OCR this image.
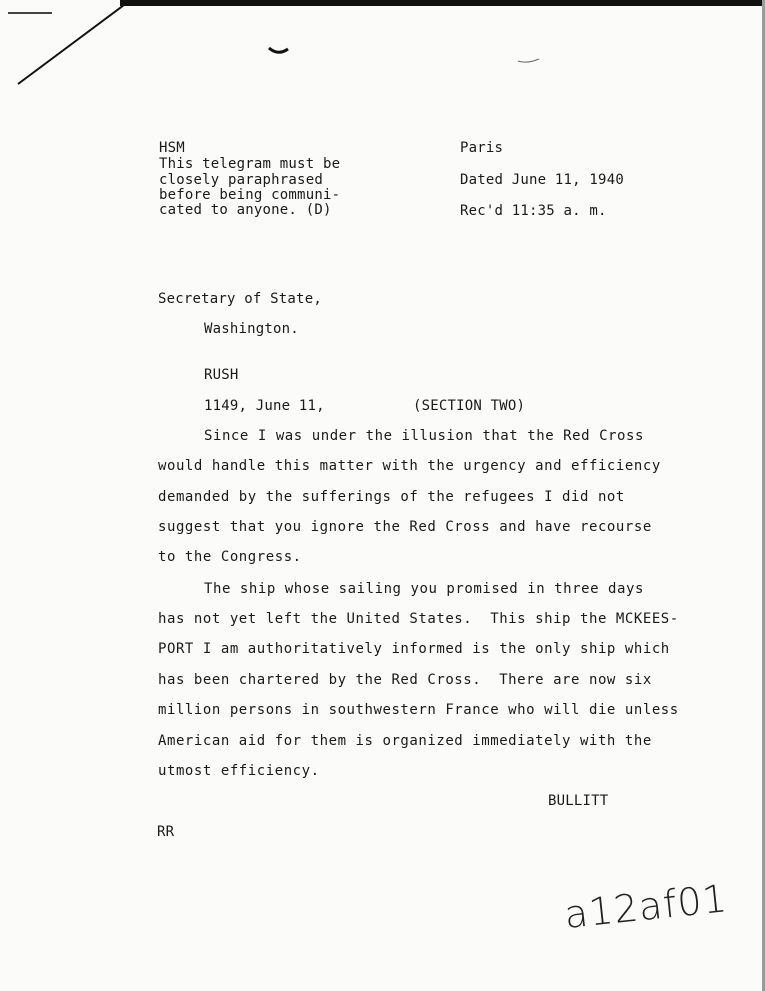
HSM
This telegram must be
closely paraphrased
before being communi-
cated to anyone. (D)
Paris
Dated June 11, 1940
Rec'd 11:35 a. m.
Secretary of State,
Washington.
RUSH
1149, June 11,	(SECTION TWO)
Since I was under the illusion that the Red Cross
would handle this matter with the urgency and efficiency
demanded by the sufferings of the refugees I did not
suggest that you ignore the Red Cross and have recourse
to the Congress.
The ship whose sailing you promised in three days
has not yet left the United States.  This ship the MCKEES-
PORT I am authoritatively informed is the only ship which
has been chartered by the Red Cross.  There are now six
million persons in southwestern France who will die unless
American aid for them is organized immediately with the
utmost efficiency.
BULLITT
RR
a12af01
